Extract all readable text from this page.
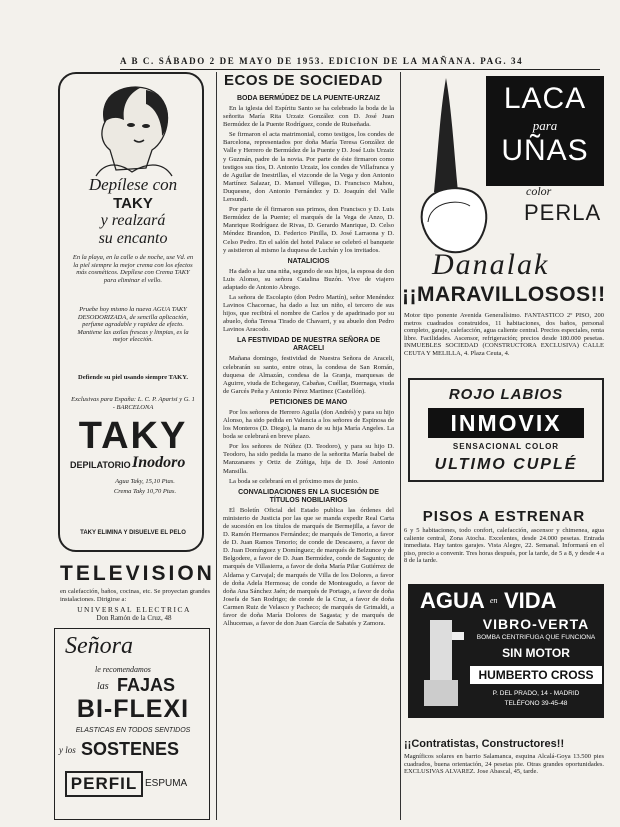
A B C. SÁBADO 2 DE MAYO DE 1953. EDICION DE LA MAÑANA. PAG. 34
Depílese con
TAKY
y realzará
su encanto
En la playa, en la calle o de noche, use Vd. en la piel siempre la mejor crema con los efectos más cosméticos. Depílese con Crema TAKY para eliminar el vello.
Pruebe hoy mismo la nueva AGUA TAKY DESODORIZADA, de sencilla aplicación, perfume agradable y rapidez de efecto. Mantiene las axilas frescas y limpias, es la mejor elección.
Defiende su piel usando siempre TAKY.
Exclusivas para España: L. C. P. Aparisi y G. 1 - BARCELONA
TAKY
DEPILATORIO Inodoro
Agua Taky, 15,10 Ptas.
Crema Taky 10,70 Ptas.
TAKY ELIMINA Y DISUELVE EL PELO
TELEVISION
en calefacción, baños, cocinas, etc. Se proyectan grandes instalaciones. Dirigirse a:
UNIVERSAL ELECTRICA
Don Ramón de la Cruz, 48
Señora
le recomendamos
las FAJAS
BI-FLEXI
ELASTICAS EN TODOS SENTIDOS
y los SOSTENES
PERFIL ESPUMA
ECOS DE SOCIEDAD
BODA BERMÚDEZ DE LA PUENTE-URZAIZ

En la iglesia del Espíritu Santo se ha celebrado la boda de la señorita María Rita Urzaiz González con D. José Juan Bermúdez de la Puente Rodríguez, conde de Ruiseñada.

Se firmaron el acta matrimonial, como testigos, los condes de Barcelona, representados por doña María Teresa González de Valle y Herrero de Bermúdez de la Puente y D. José Luis Urzaiz y Guzmán, padre de la novia. Por parte de éste firmaron como testigos sus tíos, D. Antonio Urzaiz, los condes de Villafranca y de Aguilar de Inestrillas, el vizconde de la Vega y don Antonio Martínez Salazar, D. Manuel Villegas, D. Francisco Mahou, Duquesne, don Antonio Fernández y D. Joaquín del Valle Lersundi.

Por parte de él firmaron sus primos, don Francisco y D. Luis Bermúdez de la Puente; el marqués de la Vega de Anzo, D. Manrique Rodríguez de Rivas, D. Gerardo Manrique, D. Celso Méndez Brandon, D. Federico Pinilla, D. José Larraona y D. Celso Pedro. En el salón del hotel Palace se celebró el banquete y asistieron al mismo la duquesa de Luchán y los invitados.

NATALICIOS

Ha dado a luz una niña, segundo de sus hijos, la esposa de don Luis Alonso, su señora Catalina Buzón. Vive de viajero adaptado de Antonio Abrego.

La señora de Escolapio (don Pedro Martín), señor Menéndez Lavinos Chacornac, ha dado a luz un niño, el tercero de sus hijos, que recibirá el nombre de Carlos y de apadrinado por su abuelo, doña Teresa Tirado de Chavarri, y su abuelo don Pedro Lavinos Aracodo.

LA FESTIVIDAD DE NUESTRA SEÑORA DE ARACELI

Mañana domingo, festividad de Nuestra Señora de Araceli, celebrarán su santo, entre otras, la condesa de San Román, duquesa de Almazán, condesa de la Granja, marquesas de Aguirre, viuda de Echegaray, Cabañas, Cuéllar, Buernaga, viuda de Garcés Peña y Antonio Pérez Martinez (Castellón).

PETICIONES DE MANO

Por los señores de Herrero Aguila (don Andrés) y para su hijo Alonso, ha sido pedida en Valencia a los señores de Espinosa de los Monteros (D. Diego), la mano de su hija María Angeles. La boda se celebrará en breve plazo.

Por los señores de Núñez (D. Teodoro), y para su hijo D. Teodoro, ha sido pedida la mano de la señorita María Isabel de Manzanares y Ortiz de Zúñiga, hija de D. José Antonio Mansilla.

La boda se celebrará en el próximo mes de junio.

CONVALIDACIONES EN LA SUCESIÓN DE TÍTULOS NOBILIARIOS

El Boletín Oficial del Estado publica las órdenes del ministerio de Justicia por las que se manda expedir Real Carta de sucesión en los títulos de marqués de Bermejilla, a favor de D. Ramón Hermanos Fernández; de marqués de Tenorio, a favor de D. Juan Ramos Tenorio; de conde de Descasero, a favor de D. Juan Domínguez y Domínguez; de marqués de Belzunce y de Belgodere, a favor de D. Juan Bermúdez, conde de Sagunto; de marqués de Villasierra, a favor de doña María Pilar Gutiérrez de Aldama y Carvajal; de marqués de Villa de los Dolores, a favor de doña Adela Hermosa; de conde de Monteagudo, a favor de doña Ana Sánchez Jaén; de marqués de Portago, a favor de doña Josefa de San Rodrigo; de conde de la Cruz, a favor de doña Carmen Ruiz de Velasco y Pacheco; de marqués de Grimaldi, a favor de doña María Dolores de Sagasta; y de marqués de Alhucemas, a favor de don Juan García de Sabatés y Zamora.

LACA
para
UÑAS
color
PERLA
Danalak
¡¡MARAVILLOSOS!!
Motor tipo ponente Avenida Generalísimo. FANTASTICO 2º PISO, 200 metros cuadrados construidos, 11 habitaciones, dos baños, personal completo, garaje, calefacción, agua caliente central. Precios especiales, renta libre. Facilidades. Ascensor, refrigeración; precios desde 180.000 pesetas. INMUEBLES SOCIEDAD (CONSTRUCTORA EXCLUSIVA) CALLE CEUTA Y MELILLA, 4. Plaza Ceuta, 4.
ROJO LABIOS
INMOVIX
SENSACIONAL COLOR
ULTIMO CUPLÉ
PISOS A ESTRENAR
6 y 5 habitaciones, todo confort, calefacción, ascensor y chimenea, agua caliente central, Zona Atocha. Excelentes, desde 24.000 pesetas. Entrada inmediata. Hay tantos garajes. Vista Alegre, 22. Semanal. Informará en el piso, precio a convenir. Tres horas después, por la tarde, de 5 a 8, y desde 4 a 8 de la tarde.
AGUA en VIDA
VIBRO-VERTA
BOMBA CENTRIFUGA QUE FUNCIONA
SIN MOTOR
HUMBERTO CROSS
P. DEL PRADO, 14 - MADRID
TELÉFONO 39-45-48
¡¡Contratistas, Constructores!!
Magníficos solares en barrio Salamanca, esquina Alcalá-Goya 13.500 pies cuadrados, buena orientación, 24 pesetas pie. Otras grandes oportunidades. EXCLUSIVAS ALVAREZ. Jose Abascal, 45, tarde.
